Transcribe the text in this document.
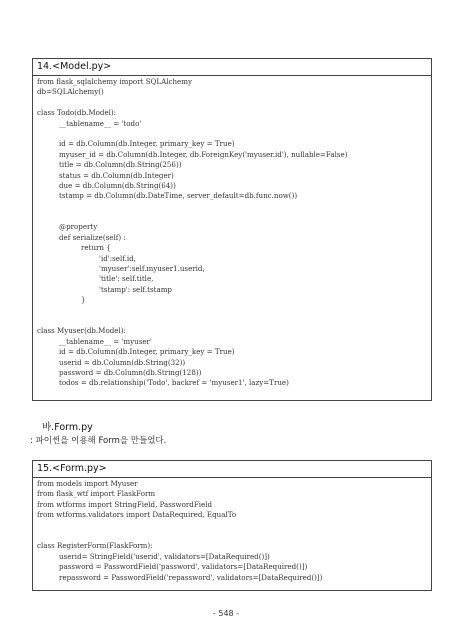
14.<Model.py>
from flask_sqlalchemy import SQLAlchemy
db=SQLAlchemy()
class Todo(db.Model):
__tablename__ = 'todo'
id = db.Column(db.Integer, primary_key = True)
myuser_id = db.Column(db.Integer, db.ForeignKey('myuser.id'), nullable=False)
title = db.Column(db.String(256))
status = db.Column(db.Integer)
due = db.Column(db.String(64))
tstamp = db.Column(db.DateTime, server_default=db.func.now())
@property
def serialize(self) :
return {
'id':self.id,
'myuser':self.myuser1.userid,
'title': self.title,
'tstamp': self.tstamp
}
class Myuser(db.Model):
__tablename__ = 'myuser'
id = db.Column(db.Integer, primary_key = True)
userid = db.Column(db.String(32))
password = db.Column(db.String(128))
todos = db.relationship('Todo', backref = 'myuser1', lazy=True)
바.Form.py
: 파이썬을 이용해 Form을 만들었다.
15.<Form.py>
from models import Myuser
from flask_wtf import FlaskForm
from wtforms import StringField, PasswordField
from wtforms.validators import DataRequired, EqualTo
class RegisterForm(FlaskForm):
userid= StringField('userid', validators=[DataRequired()])
password = PasswordField('password', validators=[DataRequired()])
repassword = PasswordField('repassword', validators=[DataRequired()])
- 548 -
